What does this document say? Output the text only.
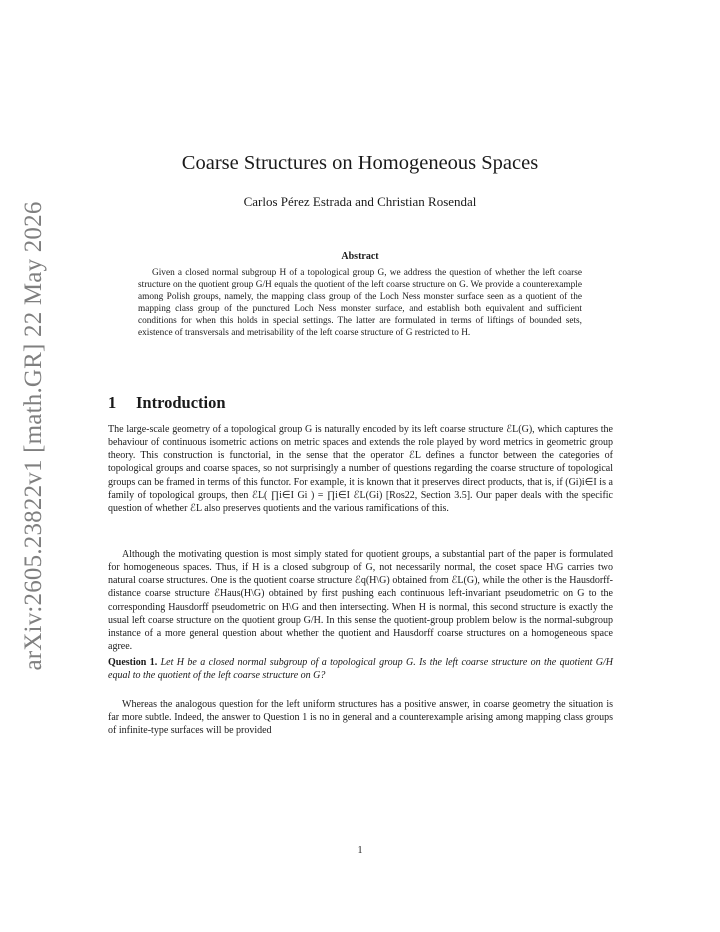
arXiv:2605.23822v1 [math.GR] 22 May 2026
Coarse Structures on Homogeneous Spaces
Carlos Pérez Estrada and Christian Rosendal
Abstract

Given a closed normal subgroup H of a topological group G, we address the question of whether the left coarse structure on the quotient group G/H equals the quotient of the left coarse structure on G. We provide a counterexample among Polish groups, namely, the mapping class group of the Loch Ness monster surface seen as a quotient of the mapping class group of the punctured Loch Ness monster surface, and establish both equivalent and sufficient conditions for when this holds in special settings. The latter are formulated in terms of liftings of bounded sets, existence of transversals and metrisability of the left coarse structure of G restricted to H.

1 Introduction

The large-scale geometry of a topological group G is naturally encoded by its left coarse structure ℰL(G), which captures the behaviour of continuous isometric actions on metric spaces and extends the role played by word metrics in geometric group theory. This construction is functorial, in the sense that the operator ℰL defines a functor between the categories of topological groups and coarse spaces, so not surprisingly a number of questions regarding the coarse structure of topological groups can be framed in terms of this functor. For example, it is known that it preserves direct products, that is, if (Gi)i∈I is a family of topological groups, then ℰL( ∏i∈I Gi ) = ∏i∈I ℰL(Gi) [Ros22, Section 3.5]. Our paper deals with the specific question of whether ℰL also preserves quotients and the various ramifications of this.

Although the motivating question is most simply stated for quotient groups, a substantial part of the paper is formulated for homogeneous spaces. Thus, if H is a closed subgroup of G, not necessarily normal, the coset space H\G carries two natural coarse structures. One is the quotient coarse structure ℰq(H\G) obtained from ℰL(G), while the other is the Hausdorff-distance coarse structure ℰHaus(H\G) obtained by first pushing each continuous left-invariant pseudometric on G to the corresponding Hausdorff pseudometric on H\G and then intersecting. When H is normal, this second structure is exactly the usual left coarse structure on the quotient group G/H. In this sense the quotient-group problem below is the normal-subgroup instance of a more general question about whether the quotient and Hausdorff coarse structures on a homogeneous space agree.

Question 1. Let H be a closed normal subgroup of a topological group G. Is the left coarse structure on the quotient G/H equal to the quotient of the left coarse structure on G?

Whereas the analogous question for the left uniform structures has a positive answer, in coarse geometry the situation is far more subtle. Indeed, the answer to Question 1 is no in general and a counterexample arising among mapping class groups of infinite-type surfaces will be provided

1
